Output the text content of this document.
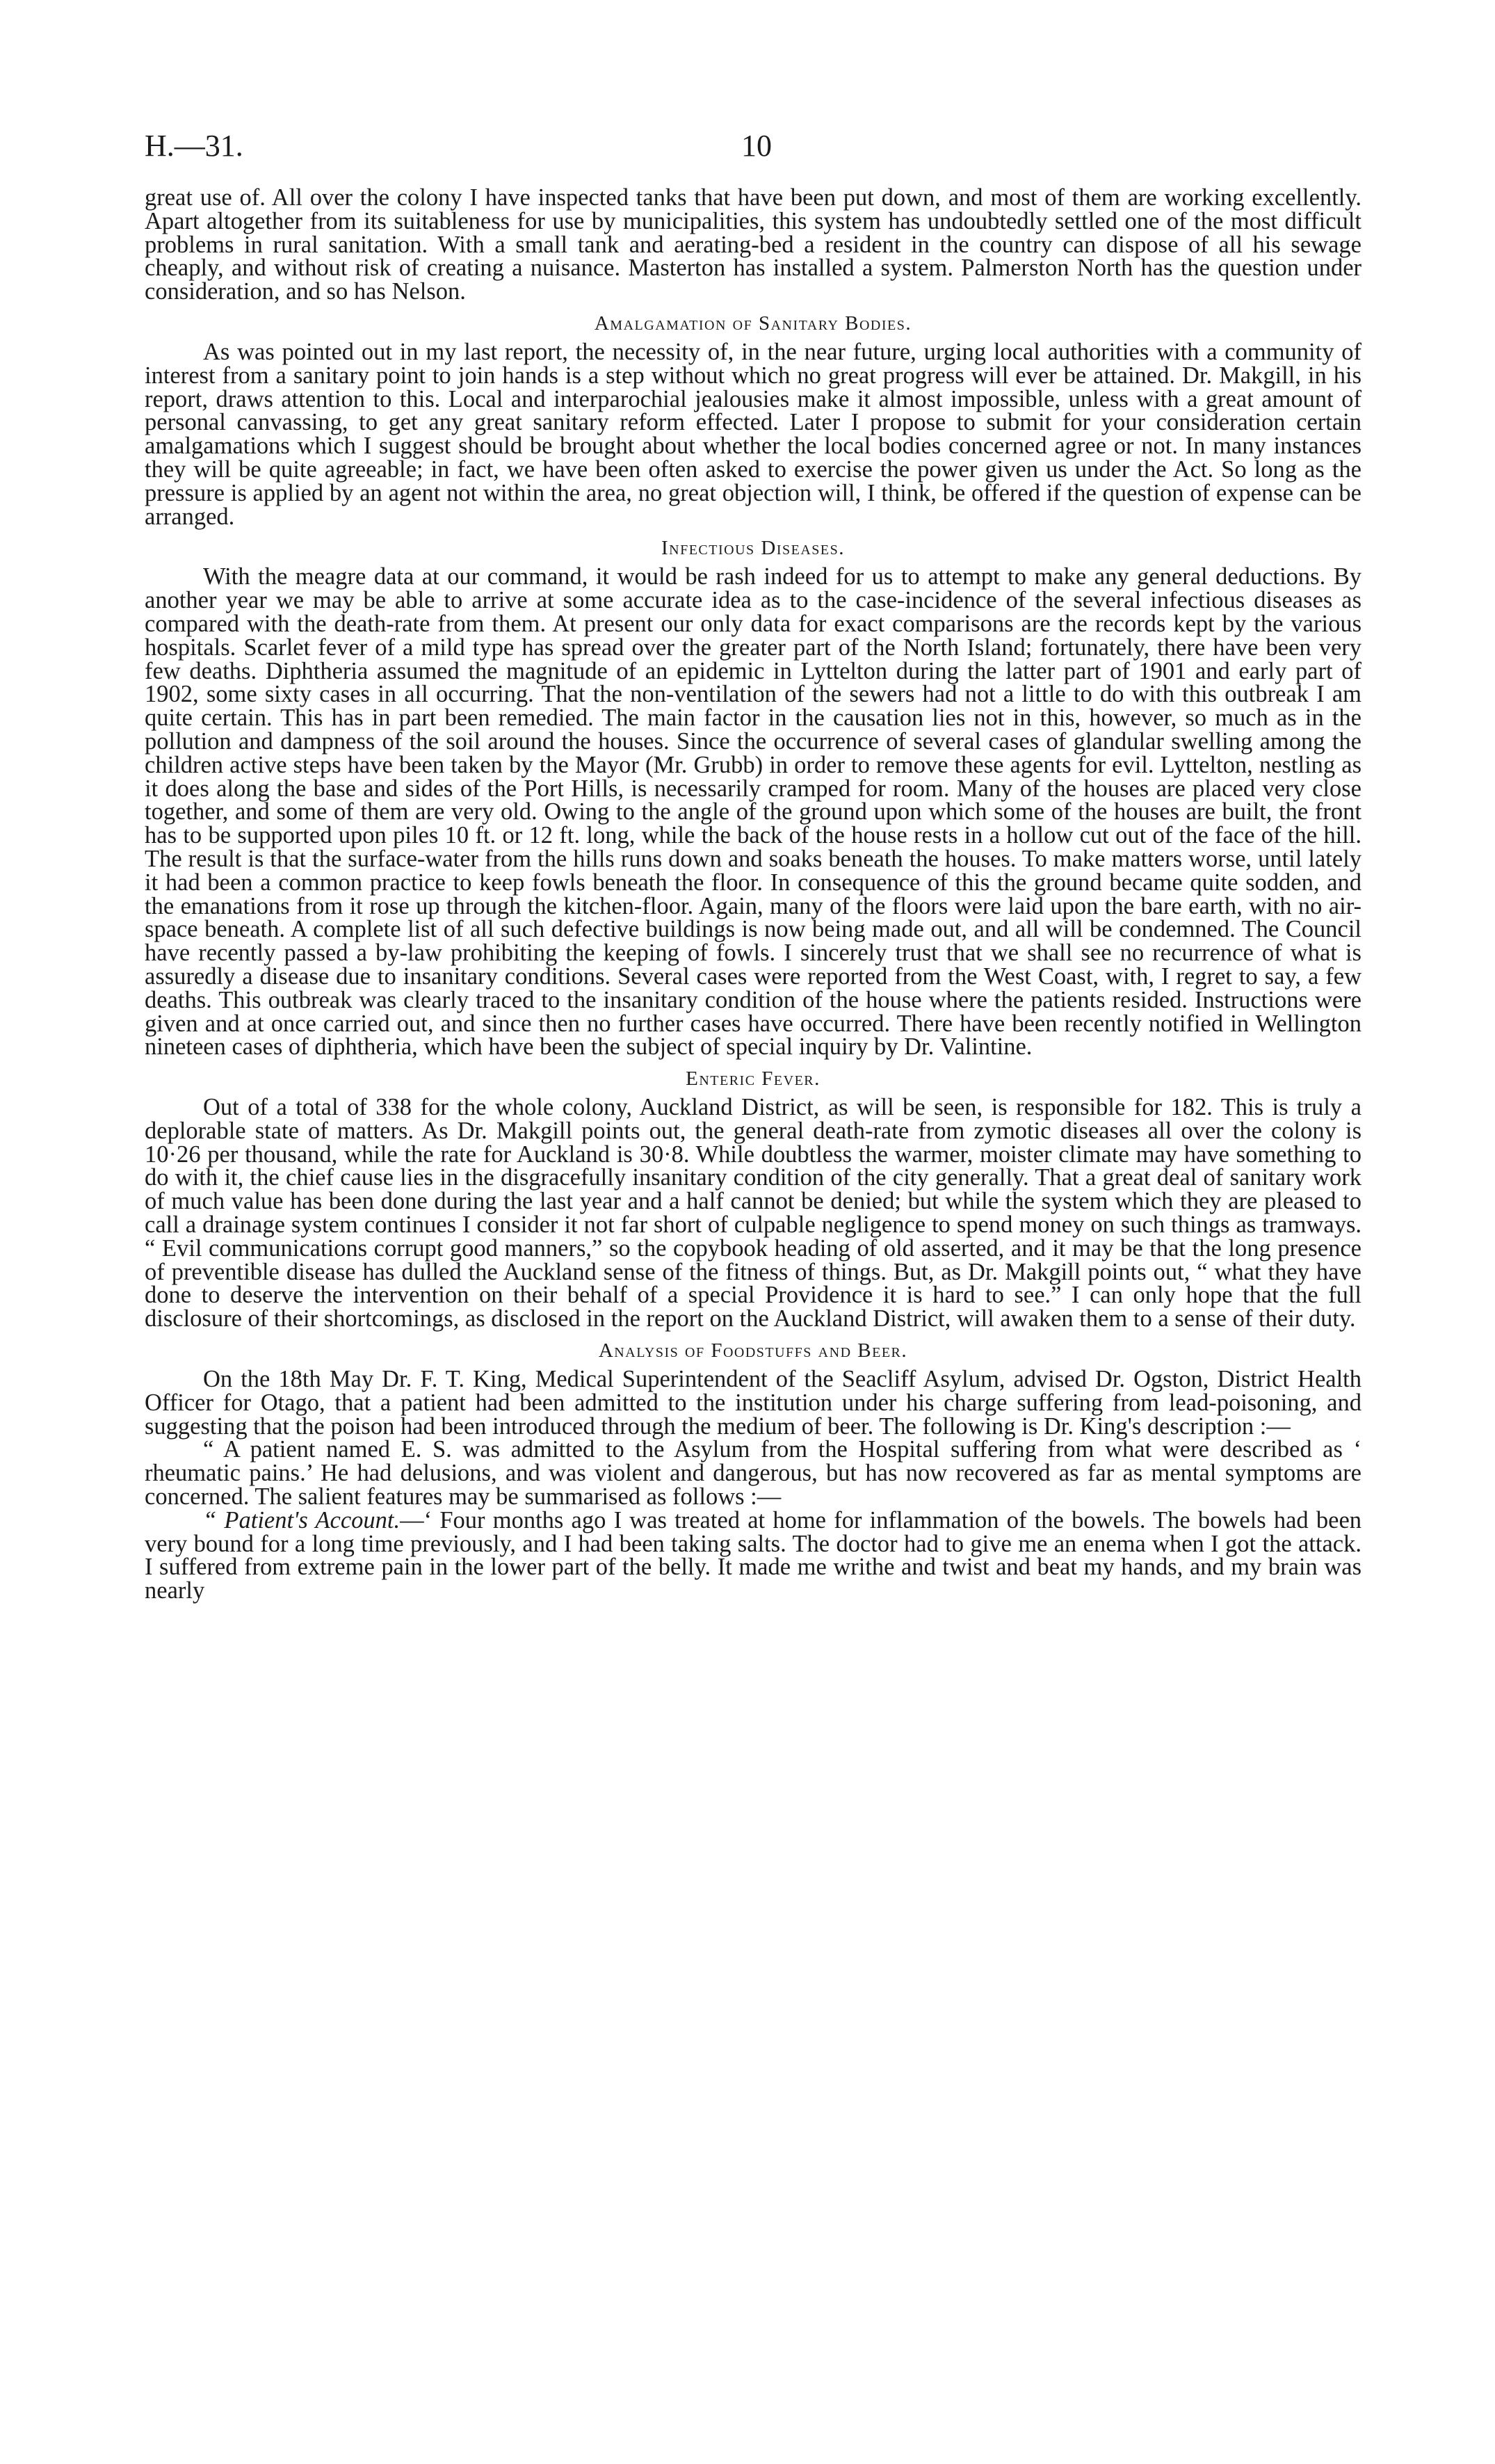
H.—31.	10

great use of. All over the colony I have inspected tanks that have been put down, and most of them are working excellently. Apart altogether from its suitableness for use by municipalities, this system has undoubtedly settled one of the most difficult problems in rural sanitation. With a small tank and aerating-bed a resident in the country can dispose of all his sewage cheaply, and without risk of creating a nuisance. Masterton has installed a system. Palmerston North has the question under consideration, and so has Nelson.

Amalgamation of Sanitary Bodies.

As was pointed out in my last report, the necessity of, in the near future, urging local authorities with a community of interest from a sanitary point to join hands is a step without which no great progress will ever be attained. Dr. Makgill, in his report, draws attention to this. Local and interparochial jealousies make it almost impossible, unless with a great amount of personal canvassing, to get any great sanitary reform effected. Later I propose to submit for your consideration certain amalgamations which I suggest should be brought about whether the local bodies concerned agree or not. In many instances they will be quite agreeable; in fact, we have been often asked to exercise the power given us under the Act. So long as the pressure is applied by an agent not within the area, no great objection will, I think, be offered if the question of expense can be arranged.

Infectious Diseases.

With the meagre data at our command, it would be rash indeed for us to attempt to make any general deductions. By another year we may be able to arrive at some accurate idea as to the case-incidence of the several infectious diseases as compared with the death-rate from them. At present our only data for exact comparisons are the records kept by the various hospitals. Scarlet fever of a mild type has spread over the greater part of the North Island; fortunately, there have been very few deaths. Diphtheria assumed the magnitude of an epidemic in Lyttelton during the latter part of 1901 and early part of 1902, some sixty cases in all occurring. That the non-ventilation of the sewers had not a little to do with this outbreak I am quite certain. This has in part been remedied. The main factor in the causation lies not in this, however, so much as in the pollution and dampness of the soil around the houses. Since the occurrence of several cases of glandular swelling among the children active steps have been taken by the Mayor (Mr. Grubb) in order to remove these agents for evil. Lyttelton, nestling as it does along the base and sides of the Port Hills, is necessarily cramped for room. Many of the houses are placed very close together, and some of them are very old. Owing to the angle of the ground upon which some of the houses are built, the front has to be supported upon piles 10 ft. or 12 ft. long, while the back of the house rests in a hollow cut out of the face of the hill. The result is that the surface-water from the hills runs down and soaks beneath the houses. To make matters worse, until lately it had been a common practice to keep fowls beneath the floor. In consequence of this the ground became quite sodden, and the emanations from it rose up through the kitchen-floor. Again, many of the floors were laid upon the bare earth, with no air-space beneath. A complete list of all such defective buildings is now being made out, and all will be condemned. The Council have recently passed a by-law prohibiting the keeping of fowls. I sincerely trust that we shall see no recurrence of what is assuredly a disease due to insanitary conditions. Several cases were reported from the West Coast, with, I regret to say, a few deaths. This outbreak was clearly traced to the insanitary condition of the house where the patients resided. Instructions were given and at once carried out, and since then no further cases have occurred. There have been recently notified in Wellington nineteen cases of diphtheria, which have been the subject of special inquiry by Dr. Valintine.

Enteric Fever.

Out of a total of 338 for the whole colony, Auckland District, as will be seen, is responsible for 182. This is truly a deplorable state of matters. As Dr. Makgill points out, the general death-rate from zymotic diseases all over the colony is 10·26 per thousand, while the rate for Auckland is 30·8. While doubtless the warmer, moister climate may have something to do with it, the chief cause lies in the disgracefully insanitary condition of the city generally. That a great deal of sanitary work of much value has been done during the last year and a half cannot be denied; but while the system which they are pleased to call a drainage system continues I consider it not far short of culpable negligence to spend money on such things as tramways. “ Evil communications corrupt good manners,” so the copybook heading of old asserted, and it may be that the long presence of preventible disease has dulled the Auckland sense of the fitness of things. But, as Dr. Makgill points out, “ what they have done to deserve the intervention on their behalf of a special Providence it is hard to see.” I can only hope that the full disclosure of their shortcomings, as disclosed in the report on the Auckland District, will awaken them to a sense of their duty.

Analysis of Foodstuffs and Beer.

On the 18th May Dr. F. T. King, Medical Superintendent of the Seacliff Asylum, advised Dr. Ogston, District Health Officer for Otago, that a patient had been admitted to the institution under his charge suffering from lead-poisoning, and suggesting that the poison had been introduced through the medium of beer. The following is Dr. King's description :—

“ A patient named E. S. was admitted to the Asylum from the Hospital suffering from what were described as ‘ rheumatic pains.’ He had delusions, and was violent and dangerous, but has now recovered as far as mental symptoms are concerned. The salient features may be summarised as follows :—

“ Patient's Account.—‘ Four months ago I was treated at home for inflammation of the bowels. The bowels had been very bound for a long time previously, and I had been taking salts. The doctor had to give me an enema when I got the attack. I suffered from extreme pain in the lower part of the belly. It made me writhe and twist and beat my hands, and my brain was nearly
